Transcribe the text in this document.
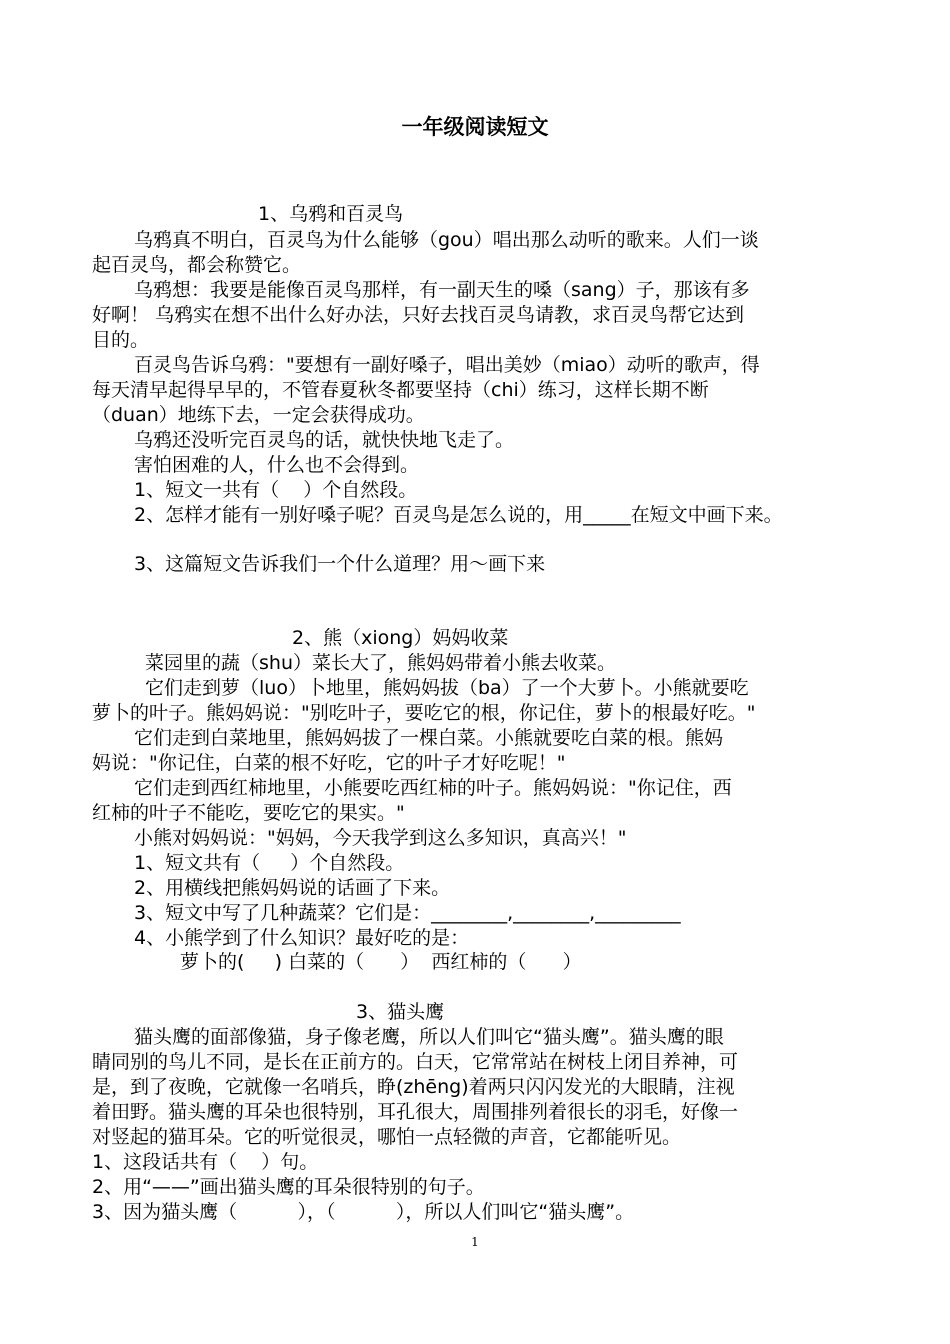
一年级阅读短文
1、乌鸦和百灵鸟
乌鸦真不明白，百灵鸟为什么能够（gou）唱出那么动听的歌来。人们一谈
起百灵鸟，都会称赞它。
乌鸦想：我要是能像百灵鸟那样，有一副天生的嗓（sang）子，那该有多
好啊！ 乌鸦实在想不出什么好办法，只好去找百灵鸟请教，求百灵鸟帮它达到
目的。
百灵鸟告诉乌鸦："要想有一副好嗓子，唱出美妙（miao）动听的歌声，得
每天清早起得早早的，不管春夏秋冬都要坚持（chi）练习，这样长期不断
（duan）地练下去，一定会获得成功。
乌鸦还没听完百灵鸟的话，就快快地飞走了。
害怕困难的人，什么也不会得到。
1、短文一共有（    ）个自然段。
2、怎样才能有一别好嗓子呢？百灵鸟是怎么说的，用_____在短文中画下来。
3、这篇短文告诉我们一个什么道理？用～画下来
2、熊（xiong）妈妈收菜
菜园里的蔬（shu）菜长大了，熊妈妈带着小熊去收菜。
它们走到萝（luo）卜地里，熊妈妈拔（ba）了一个大萝卜。小熊就要吃
萝卜的叶子。熊妈妈说："别吃叶子，要吃它的根，你记住，萝卜的根最好吃。"
它们走到白菜地里，熊妈妈拔了一棵白菜。小熊就要吃白菜的根。熊妈
妈说："你记住，白菜的根不好吃，它的叶子才好吃呢！"
它们走到西红柿地里，小熊要吃西红柿的叶子。熊妈妈说："你记住，西
红柿的叶子不能吃，要吃它的果实。"
小熊对妈妈说："妈妈，今天我学到这么多知识，真高兴！"
1、短文共有（     ）个自然段。
2、用横线把熊妈妈说的话画了下来。
3、短文中写了几种蔬菜？它们是：________,________,_________
4、小熊学到了什么知识？最好吃的是：
萝卜的(     ) 白菜的（      ）  西红柿的（      ）
3、猫头鹰
猫头鹰的面部像猫，身子像老鹰，所以人们叫它“猫头鹰”。猫头鹰的眼
睛同别的鸟儿不同，是长在正前方的。白天，它常常站在树枝上闭目养神，可
是，到了夜晚，它就像一名哨兵，睁(zhēng)着两只闪闪发光的大眼睛，注视
着田野。猫头鹰的耳朵也很特别，耳孔很大，周围排列着很长的羽毛，好像一
对竖起的猫耳朵。它的听觉很灵，哪怕一点轻微的声音，它都能听见。
1、这段话共有（    ）句。
2、用“——”画出猫头鹰的耳朵很特别的句子。
3、因为猫头鹰（          ），（          ），所以人们叫它“猫头鹰”。
1
